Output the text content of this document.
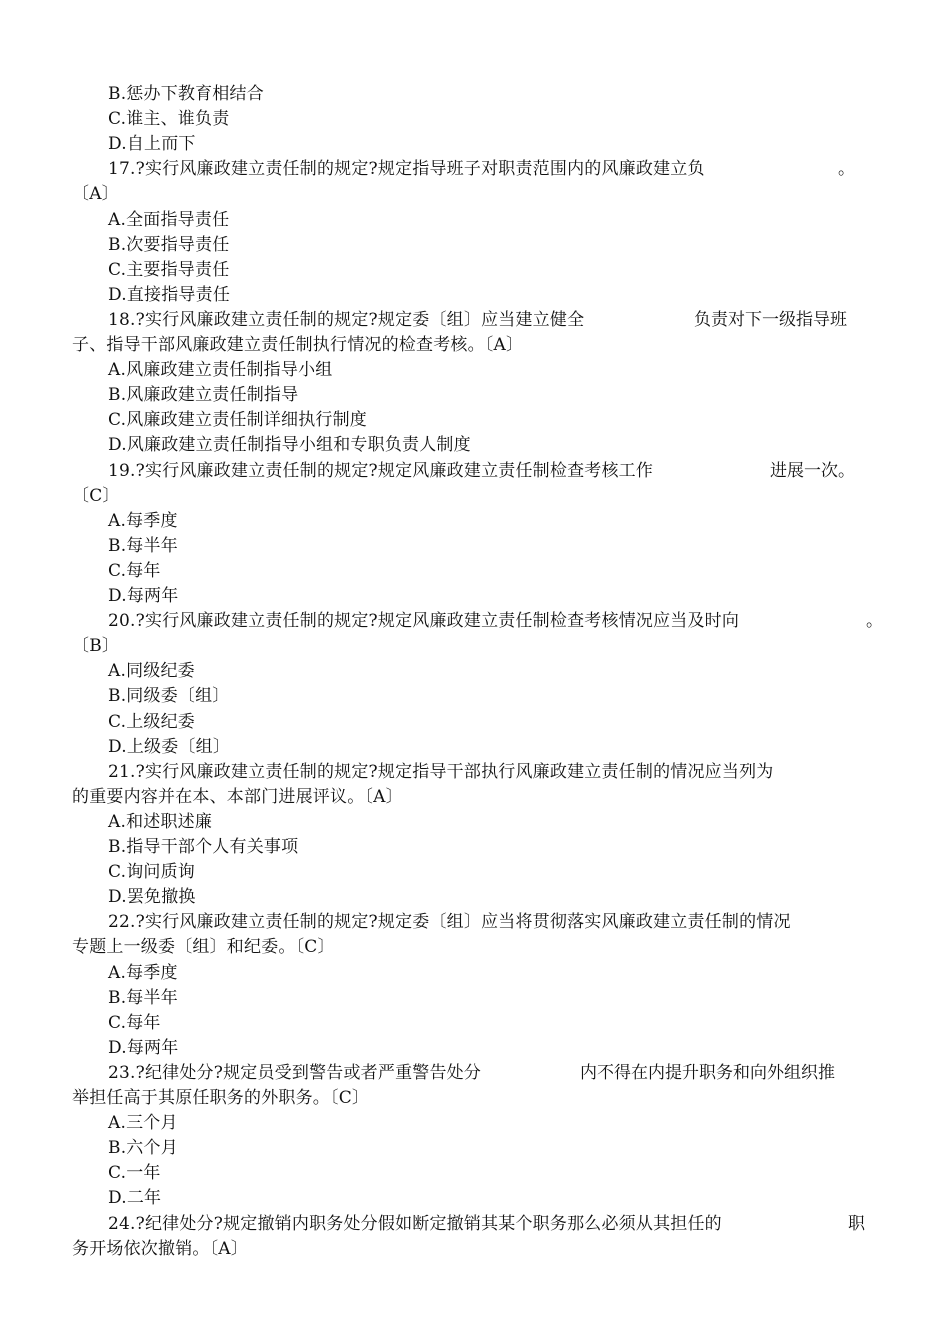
B.惩办下教育相结合
C.谁主、谁负责
D.自上而下
17.?实行风廉政建立责任制的规定?规定指导班子对职责范围内的风廉政建立负
〔A〕
A.全面指导责任
B.次要指导责任
C.主要指导责任
D.直接指导责任
18.?实行风廉政建立责任制的规定?规定委〔组〕应当建立健全
子、指导干部风廉政建立责任制执行情况的检查考核。〔A〕
A.风廉政建立责任制指导小组
B.风廉政建立责任制指导
C.风廉政建立责任制详细执行制度
D.风廉政建立责任制指导小组和专职负责人制度
19.?实行风廉政建立责任制的规定?规定风廉政建立责任制检查考核工作
〔C〕
A.每季度
B.每半年
C.每年
D.每两年
20.?实行风廉政建立责任制的规定?规定风廉政建立责任制检查考核情况应当及时向
〔B〕
A.同级纪委
B.同级委〔组〕
C.上级纪委
D.上级委〔组〕
21.?实行风廉政建立责任制的规定?规定指导干部执行风廉政建立责任制的情况应当列为
的重要内容并在本、本部门进展评议。〔A〕
A.和述职述廉
B.指导干部个人有关事项
C.询问质询
D.罢免撤换
22.?实行风廉政建立责任制的规定?规定委〔组〕应当将贯彻落实风廉政建立责任制的情况
专题上一级委〔组〕和纪委。〔C〕
A.每季度
B.每半年
C.每年
D.每两年
23.?纪律处分?规定员受到警告或者严重警告处分
举担任高于其原任职务的外职务。〔C〕
A.三个月
B.六个月
C.一年
D.二年
24.?纪律处分?规定撤销内职务处分假如断定撤销其某个职务那么必须从其担任的
务开场依次撤销。〔A〕
。
负责对下一级指导班
进展一次。
。
内不得在内提升职务和向外组织推
职
